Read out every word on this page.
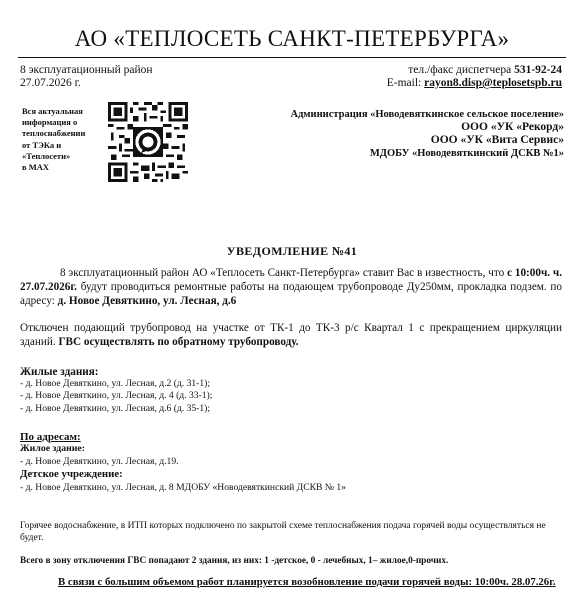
АО «ТЕПЛОСЕТЬ САНКТ-ПЕТЕРБУРГА»
8 эксплуатационный район
27.07.2026 г.
тел./факс диспетчера 531-92-24
E-mail: rayon8.disp@teplosetspb.ru
Вся актуальная
информация о
теплоснабжении
от ТЭКа и
«Теплосети»
в MAX
Администрация «Новодевяткинское сельское поселение»
ООО «УК «Рекорд»
ООО «УК «Вита Сервис»
МДОБУ «Новодевяткинский ДСКВ №1»
УВЕДОМЛЕНИЕ №41
8 эксплуатационный район АО «Теплосеть Санкт-Петербурга» ставит Вас в известность, что с 10:00ч. ч. 27.07.2026г. будут проводиться ремонтные работы на подающем трубопроводе Ду250мм, прокладка подзем. по адресу: д. Новое Девяткино, ул. Лесная, д.6
Отключен подающий трубопровод на участке от ТК-1 до ТК-3 р/с Квартал 1 с прекращением циркуляции зданий. ГВС осуществлять по обратному трубопроводу.
Жилые здания:
- д. Новое Девяткино, ул. Лесная, д.2 (д. 31-1);
- д. Новое Девяткино, ул. Лесная, д. 4 (д. 33-1);
- д. Новое Девяткино, ул. Лесная, д.6 (д. 35-1);
По адресам:
Жилое здание:
- д. Новое Девяткино, ул. Лесная, д.19.
Детское учреждение:
- д. Новое Девяткино, ул. Лесная, д. 8 МДОБУ «Новодевяткинский ДСКВ № 1»
Горячее водоснабжение, в ИТП которых подключено по закрытой схеме теплоснабжения подача горячей воды осуществляться не будет.
Всего в зону отключения ГВС попадают 2 здания, из них: 1 -детское, 0 - лечебных, 1– жилое,0-прочих.
В связи с большим объемом работ планируется возобновление подачи горячей воды: 10:00ч. 28.07.26г.
